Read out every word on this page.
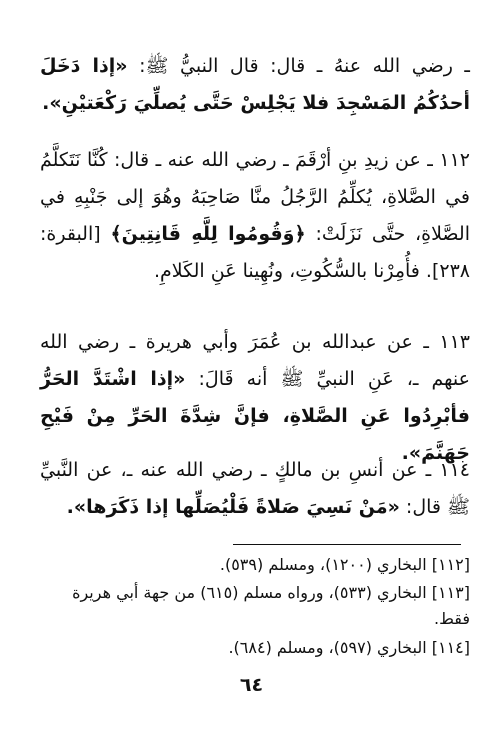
ـ رضي الله عنهُ ـ قال: قال النبيُّ ﷺ: «إذا دَخَلَ أحدُكُمُ المَسْجِدَ فلا يَجْلِسْ حَتَّى يُصلِّيَ رَكْعَتيْنِ».

١١٢ ـ عن زيدِ بنِ أرْقَمَ ـ رضي الله عنه ـ قال: كُنَّا نَتَكلَّمُ في الصَّلاةِ، يُكلِّمُ الرَّجُلُ منَّا صَاحِبَهُ وهُوَ إلى جَنْبِهِ في الصَّلاةِ، حتَّى نَزَلَتْ: ﴿وَقُومُوا لِلَّهِ قَانِتِينَ﴾ [البقرة: ٢٣٨]. فأُمِرْنا بالسُّكُوتِ، ونُهِينا عَنِ الكَلامِ.

١١٣ ـ عن عبدالله بن عُمَرَ وأبي هريرة ـ رضي الله عنهم ـ، عَنِ النبيِّ ﷺ أنه قَالَ: «إذا اشْتَدَّ الحَرُّ فأبْرِدُوا عَنِ الصَّلاةِ، فإنَّ شِدَّةَ الحَرِّ مِنْ فَيْحِ جَهَنَّمَ».

١١٤ ـ عن أنسِ بن مالكٍ ـ رضي الله عنه ـ، عن النَّبيِّ ﷺ قال: «مَنْ نَسِيَ صَلاةً فَلْيُصَلِّها إذا ذَكَرَها».

[١١٢] البخاري (١٢٠٠)، ومسلم (٥٣٩).
[١١٣] البخاري (٥٣٣)، ورواه مسلم (٦١٥) من جهة أبي هريرة فقط.
[١١٤] البخاري (٥٩٧)، ومسلم (٦٨٤).
٦٤
